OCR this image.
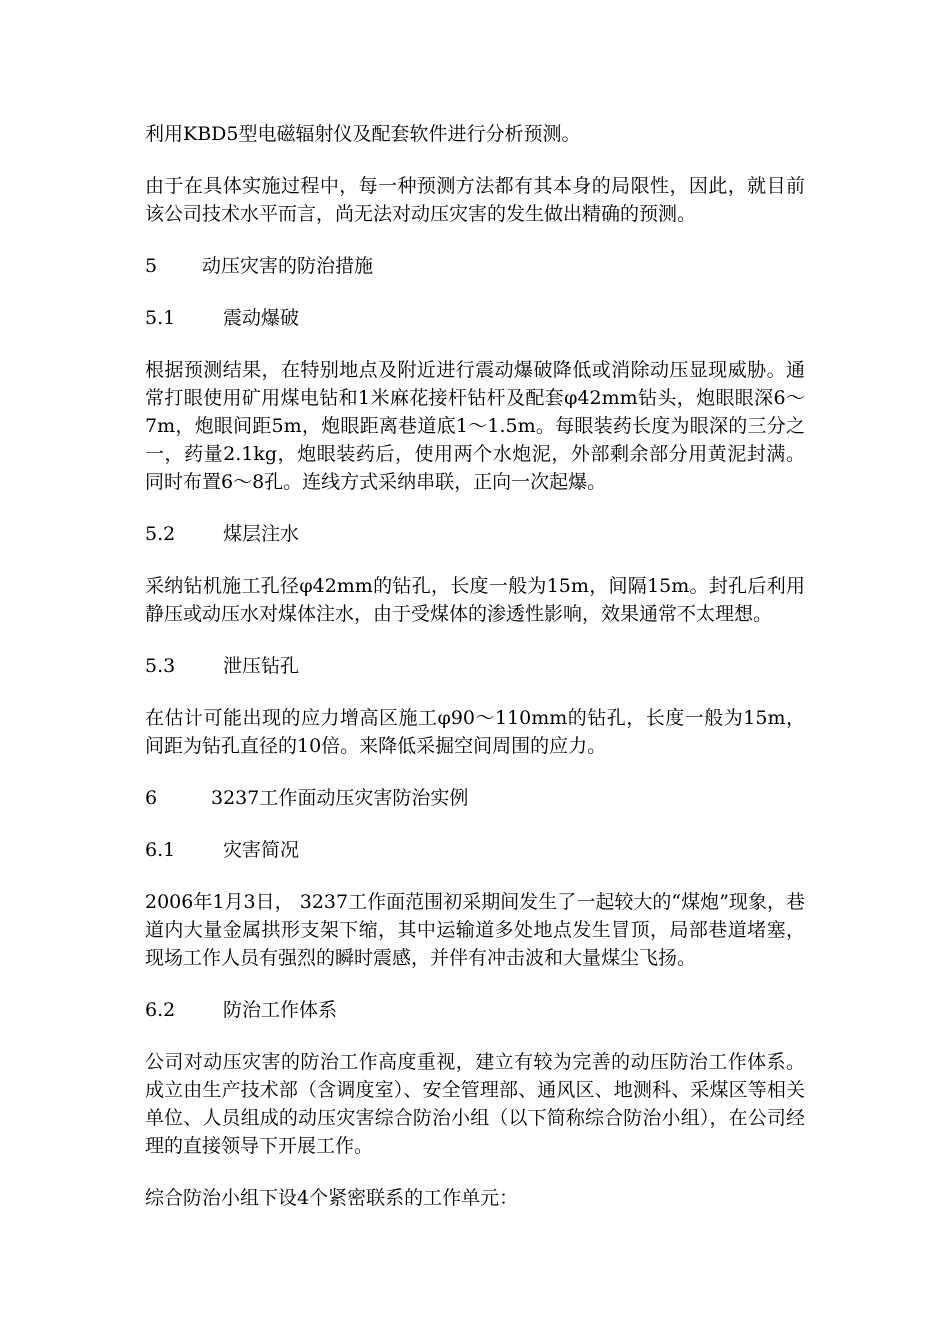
利用KBD5型电磁辐射仪及配套软件进行分析预测。

由于在具体实施过程中，每一种预测方法都有其本身的局限性，因此，就目前该公司技术水平而言，尚无法对动压灾害的发生做出精确的预测。

5 动压灾害的防治措施
5.1	震动爆破

根据预测结果，在特别地点及附近进行震动爆破降低或消除动压显现威胁。通常打眼使用矿用煤电钻和1米麻花接杆钻杆及配套φ42mm钻头，炮眼眼深6～7m，炮眼间距5m，炮眼距离巷道底1～1.5m。每眼装药长度为眼深的三分之一，药量2.1kg，炮眼装药后，使用两个水炮泥，外部剩余部分用黄泥封满。同时布置6～8孔。连线方式采纳串联，正向一次起爆。

5.2	煤层注水

采纳钻机施工孔径φ42mm的钻孔，长度一般为15m，间隔15m。封孔后利用静压或动压水对煤体注水，由于受煤体的渗透性影响，效果通常不太理想。

5.3	泄压钻孔

在估计可能出现的应力增高区施工φ90～110mm的钻孔，长度一般为15m，间距为钻孔直径的10倍。来降低采掘空间周围的应力。

6	3237工作面动压灾害防治实例
6.1	灾害简况

2006年1月3日， 3237工作面范围初采期间发生了一起较大的“煤炮”现象，巷道内大量金属拱形支架下缩，其中运输道多处地点发生冒顶，局部巷道堵塞，现场工作人员有强烈的瞬时震感，并伴有冲击波和大量煤尘飞扬。

6.2	防治工作体系

公司对动压灾害的防治工作高度重视，建立有较为完善的动压防治工作体系。成立由生产技术部（含调度室）、安全管理部、通风区、地测科、采煤区等相关单位、人员组成的动压灾害综合防治小组（以下简称综合防治小组），在公司经理的直接领导下开展工作。

综合防治小组下设4个紧密联系的工作单元：
